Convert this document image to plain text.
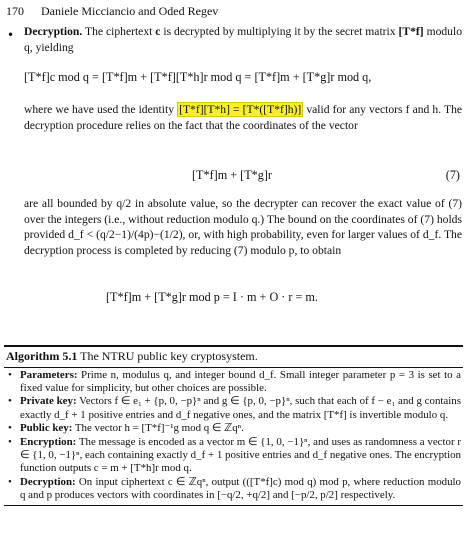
170 Daniele Micciancio and Oded Regev
• Decryption. The ciphertext c is decrypted by multiplying it by the secret matrix [T*f] modulo q, yielding
[T*f]c mod q = [T*f]m + [T*f][T*h]r mod q = [T*f]m + [T*g]r mod q,
where we have used the identity [T*f][T*h] = [T*([T*f]h)] valid for any vectors f and h. The decryption procedure relies on the fact that the coordinates of the vector
[T*f]m + [T*g]r	(7)
are all bounded by q/2 in absolute value, so the decrypter can recover the exact value of (7) over the integers (i.e., without reduction modulo q.) The bound on the coordinates of (7) holds provided d_f < (q/2−1)/(4p)−(1/2), or, with high probability, even for larger values of d_f. The decryption process is completed by reducing (7) modulo p, to obtain
[T*f]m + [T*g]r mod p = I · m + O · r = m.
Algorithm 5.1 The NTRU public key cryptosystem.
• Parameters: Prime n, modulus q, and integer bound d_f. Small integer parameter p = 3 is set to a fixed value for simplicity, but other choices are possible.
• Private key: Vectors f ∈ e₁ + {p, 0, −p}ⁿ and g ∈ {p, 0, −p}ⁿ, such that each of f − e₁ and g contains exactly d_f + 1 positive entries and d_f negative ones, and the matrix [T*f] is invertible modulo q.
• Public key: The vector h = [T*f]⁻¹g mod q ∈ ℤqⁿ.
• Encryption: The message is encoded as a vector m ∈ {1, 0, −1}ⁿ, and uses as randomness a vector r ∈ {1, 0, −1}ⁿ, each containing exactly d_f + 1 positive entries and d_f negative ones. The encryption function outputs c = m + [T*h]r mod q.
• Decryption: On input ciphertext c ∈ ℤqⁿ, output (([T*f]c) mod q) mod p, where reduction modulo q and p produces vectors with coordinates in [−q/2, +q/2] and [−p/2, p/2] respectively.
